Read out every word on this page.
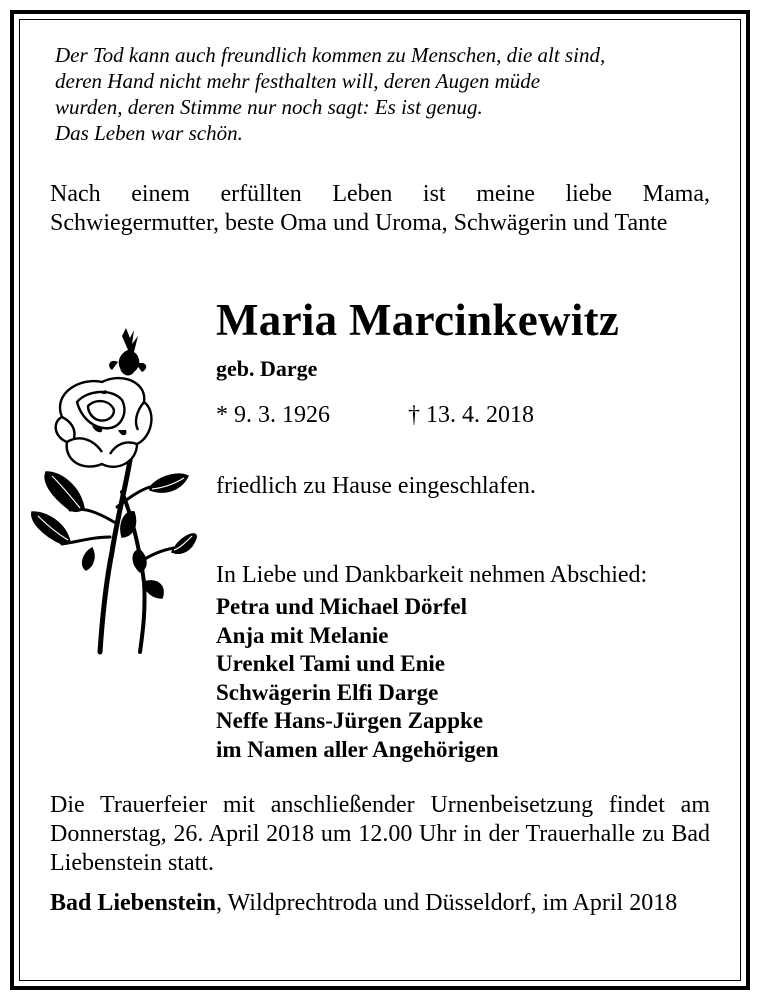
Der Tod kann auch freundlich kommen zu Menschen, die alt sind,
deren Hand nicht mehr festhalten will, deren Augen müde
wurden, deren Stimme nur noch sagt: Es ist genug.
Das Leben war schön.
Nach einem erfüllten Leben ist meine liebe Mama, Schwiegermutter, beste Oma und Uroma, Schwägerin und Tante
Maria Marcinkewitz
geb. Darge
* 9. 3. 1926	† 13. 4. 2018
friedlich zu Hause eingeschlafen.
In Liebe und Dankbarkeit nehmen Abschied:
Petra und Michael Dörfel
Anja mit Melanie
Urenkel Tami und Enie
Schwägerin Elfi Darge
Neffe Hans-Jürgen Zappke
im Namen aller Angehörigen
Die Trauerfeier mit anschließender Urnenbeisetzung findet am Donnerstag, 26. April 2018 um 12.00 Uhr in der Trauerhalle zu Bad Liebenstein statt.
Bad Liebenstein, Wildprechtroda und Düsseldorf, im April 2018
